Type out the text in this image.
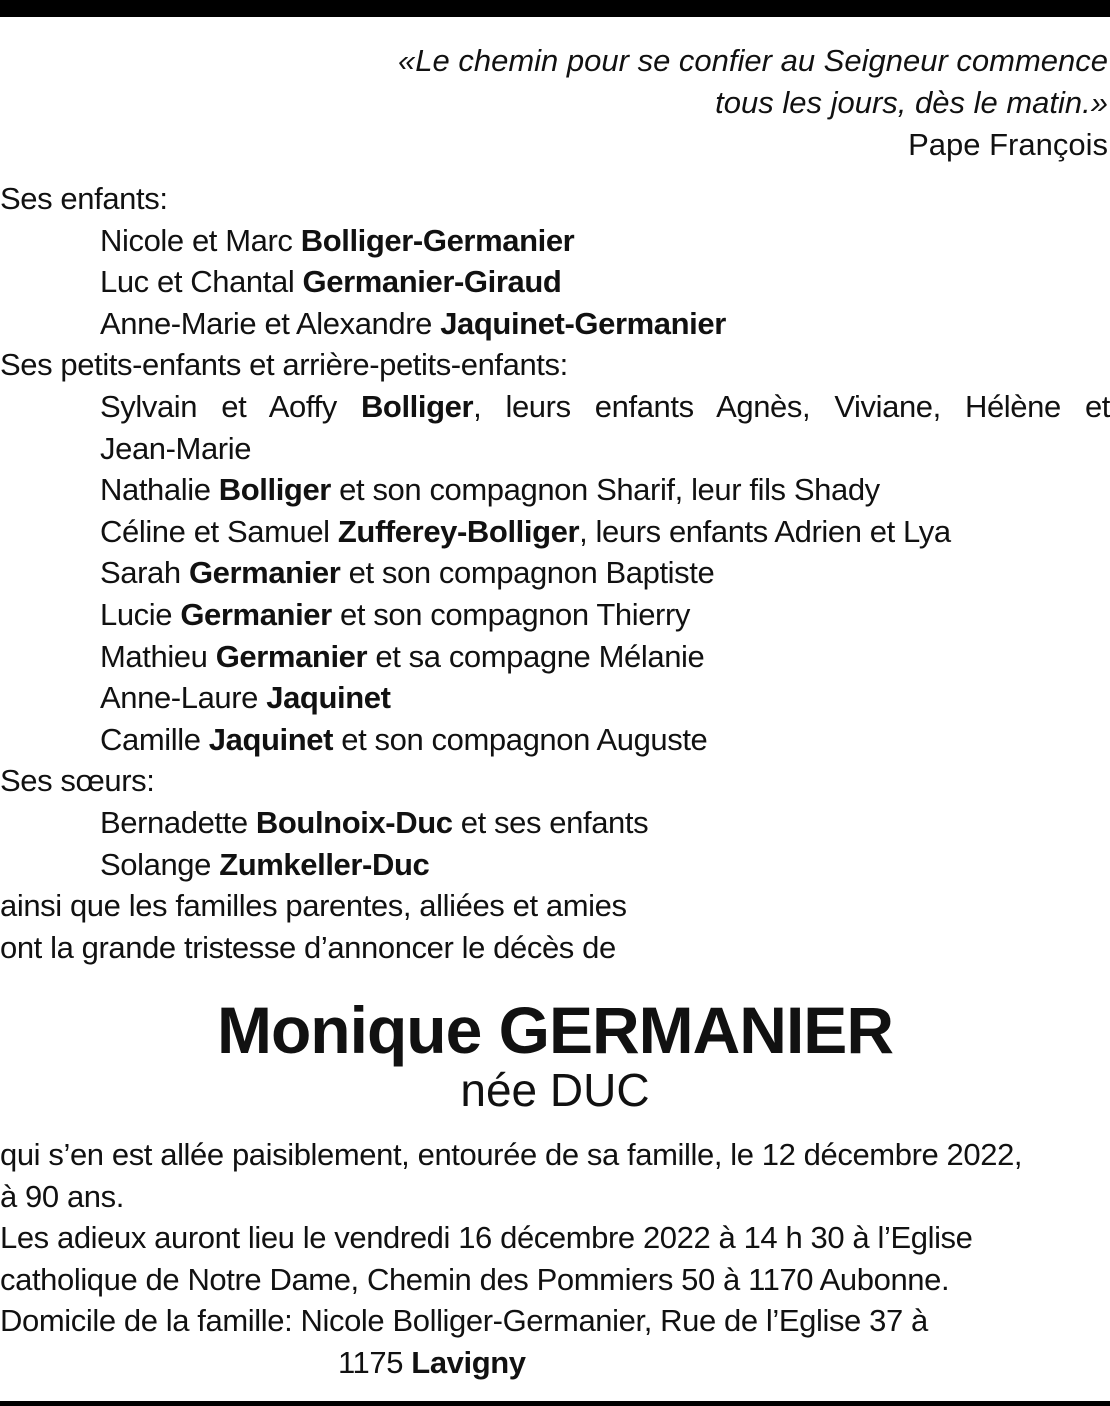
«Le chemin pour se confier au Seigneur commence
tous les jours, dès le matin.»
Pape François
Ses enfants:
Nicole et Marc Bolliger-Germanier
Luc et Chantal Germanier-Giraud
Anne-Marie et Alexandre Jaquinet-Germanier
Ses petits-enfants et arrière-petits-enfants:
Sylvain et Aoffy Bolliger, leurs enfants Agnès, Viviane, Hélène et
Jean-Marie
Nathalie Bolliger et son compagnon Sharif, leur fils Shady
Céline et Samuel Zufferey-Bolliger, leurs enfants Adrien et Lya
Sarah Germanier et son compagnon Baptiste
Lucie Germanier et son compagnon Thierry
Mathieu Germanier et sa compagne Mélanie
Anne-Laure Jaquinet
Camille Jaquinet et son compagnon Auguste
Ses sœurs:
Bernadette Boulnoix-Duc et ses enfants
Solange Zumkeller-Duc
ainsi que les familles parentes, alliées et amies
ont la grande tristesse d’annoncer le décès de
Monique GERMANIER
née DUC
qui s’en est allée paisiblement, entourée de sa famille, le 12 décembre 2022,
à 90 ans.
Les adieux auront lieu le vendredi 16 décembre 2022 à 14 h 30 à l’Eglise
catholique de Notre Dame, Chemin des Pommiers 50 à 1170 Aubonne.
Domicile de la famille: Nicole Bolliger-Germanier, Rue de l’Eglise 37 à
1175 Lavigny
